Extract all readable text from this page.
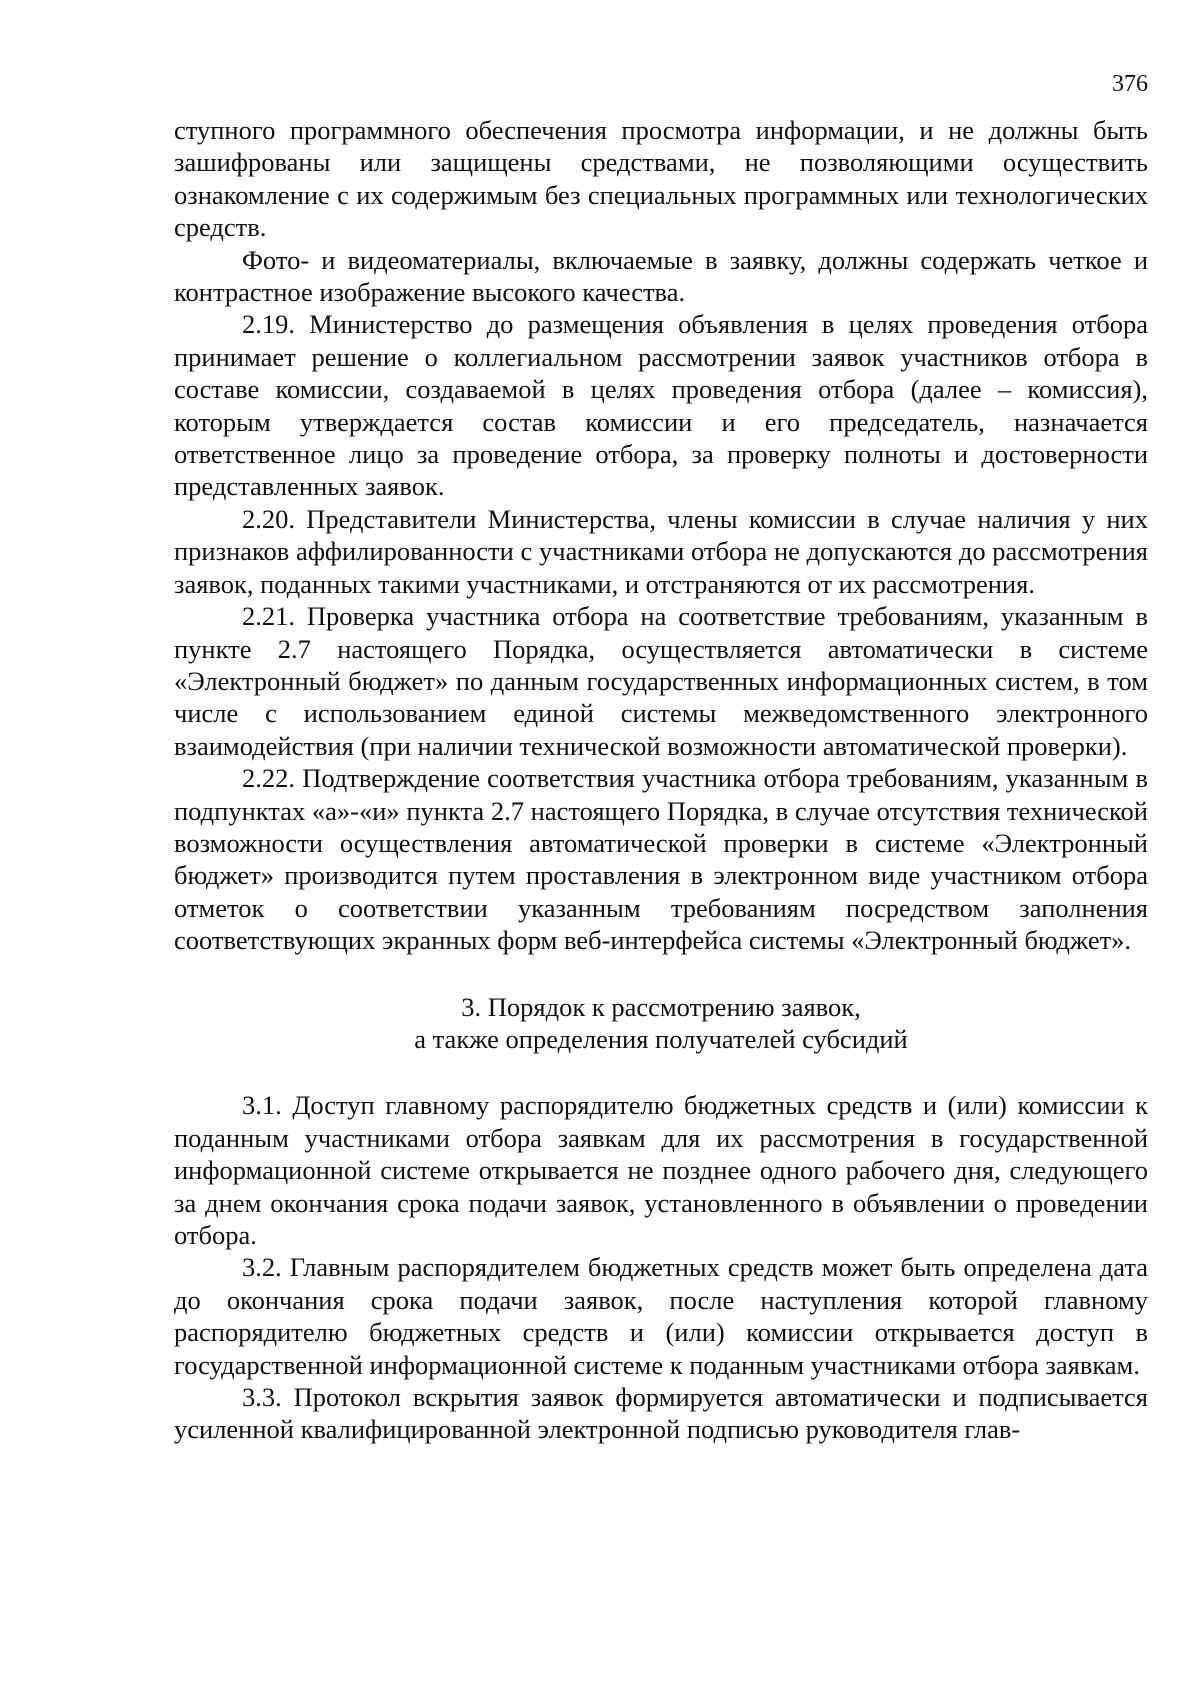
376

ступного программного обеспечения просмотра информации, и не должны быть зашифрованы или защищены средствами, не позволяющими осуществить ознакомление с их содержимым без специальных программных или технологических средств.

Фото- и видеоматериалы, включаемые в заявку, должны содержать четкое и контрастное изображение высокого качества.

2.19. Министерство до размещения объявления в целях проведения отбора принимает решение о коллегиальном рассмотрении заявок участников отбора в составе комиссии, создаваемой в целях проведения отбора (далее – комиссия), которым утверждается состав комиссии и его председатель, назначается ответственное лицо за проведение отбора, за проверку полноты и достоверности представленных заявок.

2.20. Представители Министерства, члены комиссии в случае наличия у них признаков аффилированности с участниками отбора не допускаются до рассмотрения заявок, поданных такими участниками, и отстраняются от их рассмотрения.

2.21. Проверка участника отбора на соответствие требованиям, указанным в пункте 2.7 настоящего Порядка, осуществляется автоматически в системе «Электронный бюджет» по данным государственных информационных систем, в том числе с использованием единой системы межведомственного электронного взаимодействия (при наличии технической возможности автоматической проверки).

2.22. Подтверждение соответствия участника отбора требованиям, указанным в подпунктах «а»-«и» пункта 2.7 настоящего Порядка, в случае отсутствия технической возможности осуществления автоматической проверки в системе «Электронный бюджет» производится путем проставления в электронном виде участником отбора отметок о соответствии указанным требованиям посредством заполнения соответствующих экранных форм веб-интерфейса системы «Электронный бюджет».

3. Порядок к рассмотрению заявок,
а также определения получателей субсидий

3.1. Доступ главному распорядителю бюджетных средств и (или) комиссии к поданным участниками отбора заявкам для их рассмотрения в государственной информационной системе открывается не позднее одного рабочего дня, следующего за днем окончания срока подачи заявок, установленного в объявлении о проведении отбора.

3.2. Главным распорядителем бюджетных средств может быть определена дата до окончания срока подачи заявок, после наступления которой главному распорядителю бюджетных средств и (или) комиссии открывается доступ в государственной информационной системе к поданным участниками отбора заявкам.

3.3. Протокол вскрытия заявок формируется автоматически и подписывается усиленной квалифицированной электронной подписью руководителя глав-
